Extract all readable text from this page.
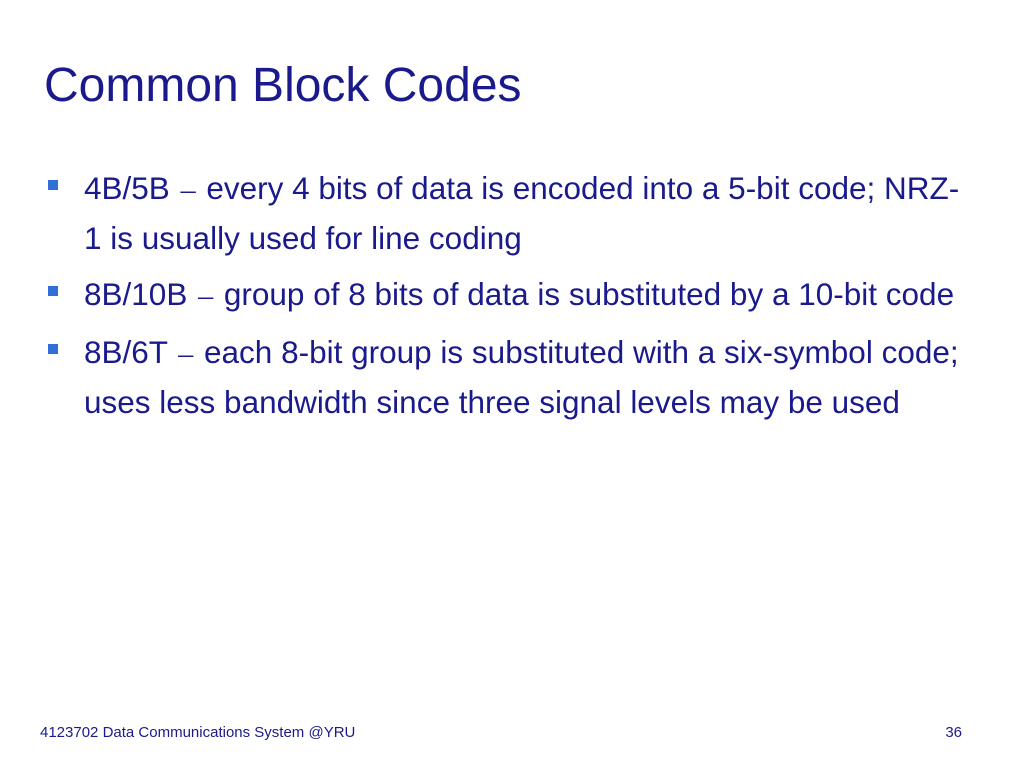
Common Block Codes
4B/5B – every 4 bits of data is encoded into a 5-bit code; NRZ-1 is usually used for line coding
8B/10B – group of 8 bits of data is substituted by a 10-bit code
8B/6T – each 8-bit group is substituted with a six-symbol code; uses less bandwidth since three signal levels may be used
4123702 Data Communications System @YRU	36
